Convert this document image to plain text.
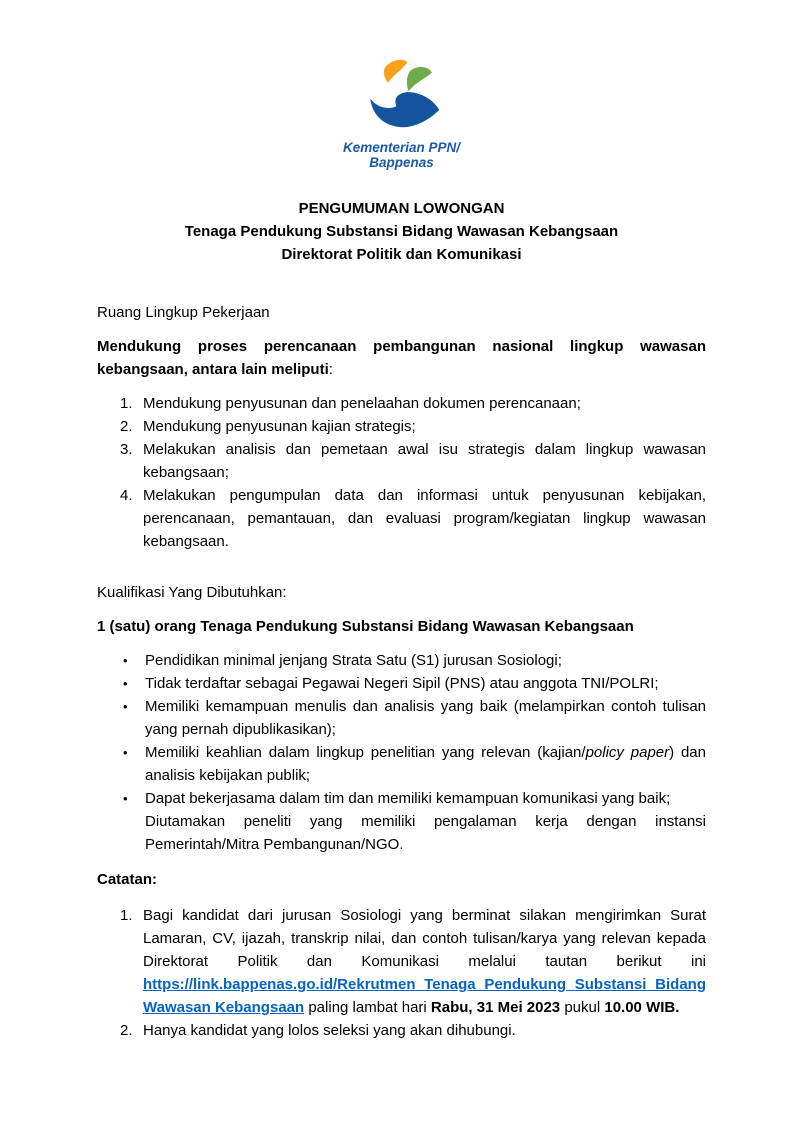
Kementerian PPN/
Bappenas
PENGUMUMAN LOWONGAN
Tenaga Pendukung Substansi Bidang Wawasan Kebangsaan
Direktorat Politik dan Komunikasi
Ruang Lingkup Pekerjaan
Mendukung proses perencanaan pembangunan nasional lingkup wawasan kebangsaan, antara lain meliputi:
1. Mendukung penyusunan dan penelaahan dokumen perencanaan;
2. Mendukung penyusunan kajian strategis;
3. Melakukan analisis dan pemetaan awal isu strategis dalam lingkup wawasan kebangsaan;
4. Melakukan pengumpulan data dan informasi untuk penyusunan kebijakan, perencanaan, pemantauan, dan evaluasi program/kegiatan lingkup wawasan kebangsaan.
Kualifikasi Yang Dibutuhkan:
1 (satu) orang Tenaga Pendukung Substansi Bidang Wawasan Kebangsaan
•	Pendidikan minimal jenjang Strata Satu (S1) jurusan Sosiologi;
•	Tidak terdaftar sebagai Pegawai Negeri Sipil (PNS) atau anggota TNI/POLRI;
•	Memiliki kemampuan menulis dan analisis yang baik (melampirkan contoh tulisan yang pernah dipublikasikan);
•	Memiliki keahlian dalam lingkup penelitian yang relevan (kajian/policy paper) dan analisis kebijakan publik;
•	Dapat bekerjasama dalam tim dan memiliki kemampuan komunikasi yang baik;
Diutamakan peneliti yang memiliki pengalaman kerja dengan instansi Pemerintah/Mitra Pembangunan/NGO.
Catatan:
1. Bagi kandidat dari jurusan Sosiologi yang berminat silakan mengirimkan Surat Lamaran, CV, ijazah, transkrip nilai, dan contoh tulisan/karya yang relevan kepada Direktorat Politik dan Komunikasi melalui tautan berikut ini https://link.bappenas.go.id/Rekrutmen Tenaga Pendukung Substansi Bidang Wawasan Kebangsaan paling lambat hari Rabu, 31 Mei 2023 pukul 10.00 WIB.
2. Hanya kandidat yang lolos seleksi yang akan dihubungi.
